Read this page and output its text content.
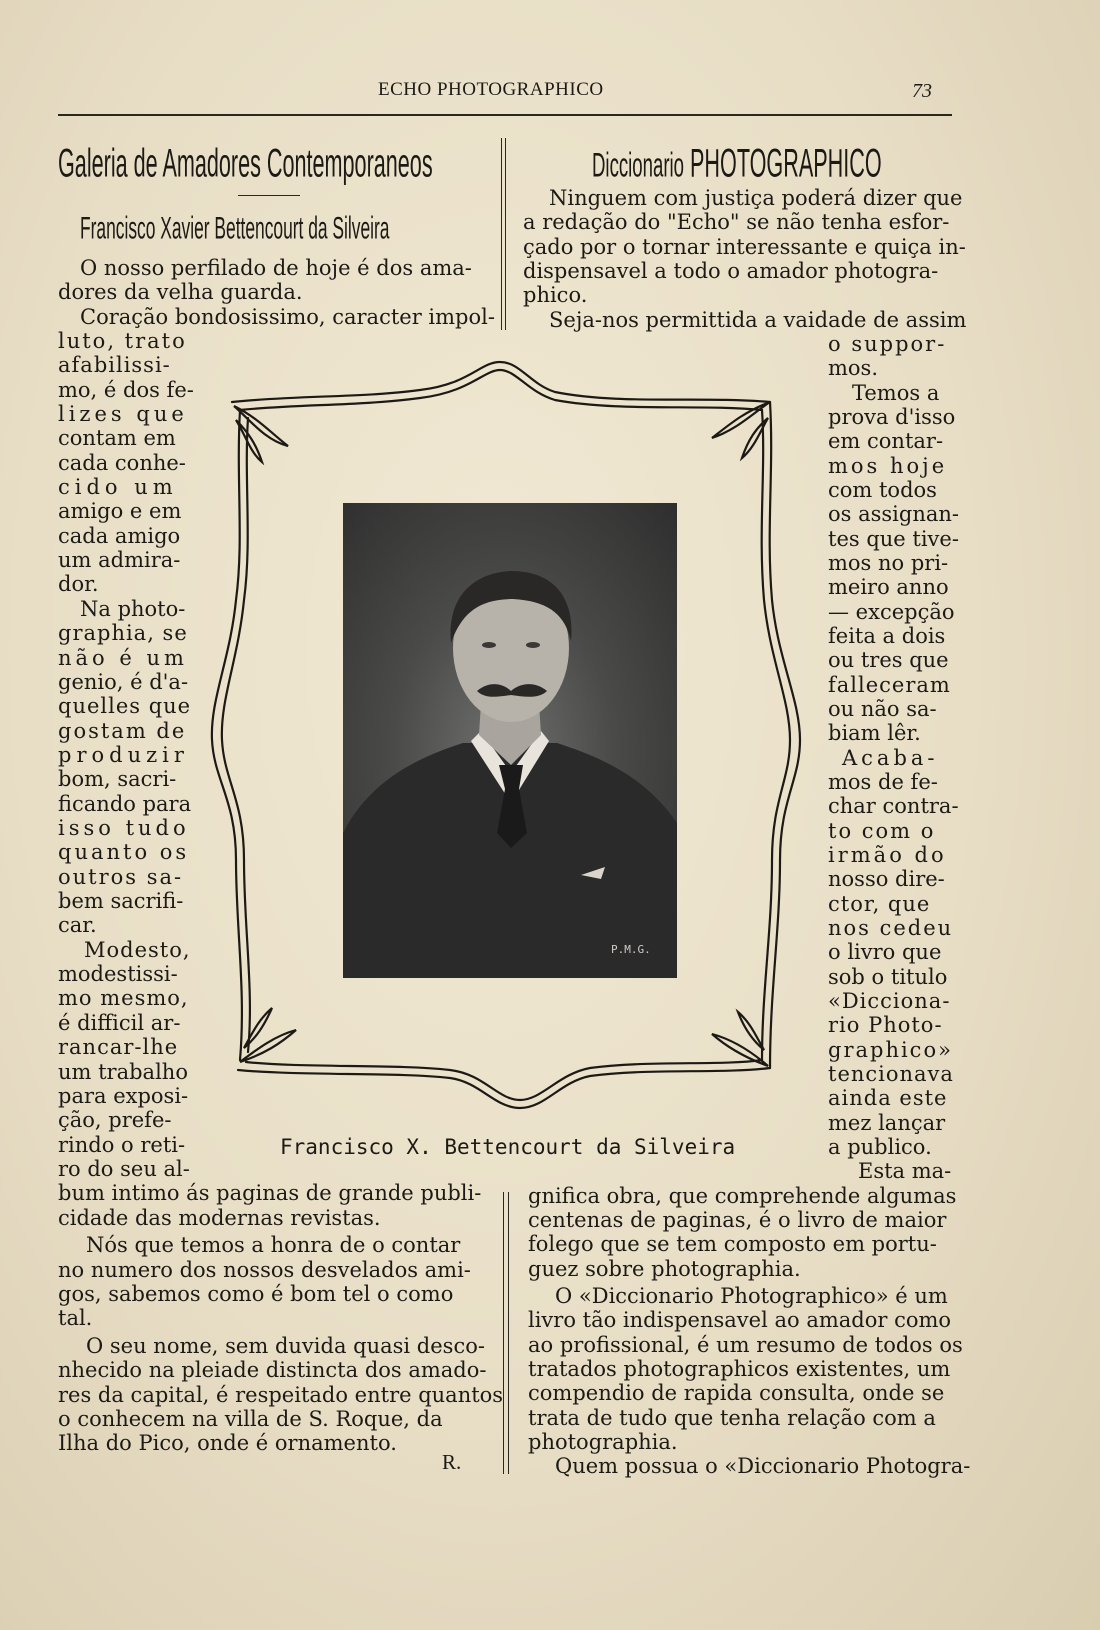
ECHO PHOTOGRAPHICO	73
Galeria de Amadores Contemporaneos
Francisco Xavier Bettencourt da Silveira
Diccionario PHOTOGRAPHICO
O nosso perfilado de hoje é dos ama-
dores da velha guarda.
Coração bondosissimo, caracter impol-
luto, trato
afabilissi-
mo, é dos fe-
lizes que
contam em
cada conhe-
cido um
amigo e em
cada amigo
um admira-
dor.
Na photo-
graphia, se
não é um
genio, é d'a-
quelles que
gostam de
produzir
bom, sacri-
ficando para
isso tudo
quanto os
outros sa-
bem sacrifi-
car.
Modesto,
modestissi-
mo mesmo,
é difficil ar-
rancar-lhe
um trabalho
para exposi-
ção, prefe-
rindo o reti-
ro do seu al-
bum intimo ás paginas de grande publi-
cidade das modernas revistas.
Nós que temos a honra de o contar
no numero dos nossos desvelados ami-
gos, sabemos como é bom tel o como
tal.
O seu nome, sem duvida quasi desco-
nhecido na pleiade distincta dos amado-
res da capital, é respeitado entre quantos
o conhecem na villa de S. Roque, da
Ilha do Pico, onde é ornamento.
R.
Ninguem com justiça poderá dizer que
a redação do "Echo" se não tenha esfor-
çado por o tornar interessante e quiça in-
dispensavel a todo o amador photogra-
phico.
Seja-nos permittida a vaidade de assim
o suppor-
mos.
Temos a
prova d'isso
em contar-
mos hoje
com todos
os assignan-
tes que tive-
mos no pri-
meiro anno
— excepção
feita a dois
ou tres que
falleceram
ou não sa-
biam lêr.
Acaba-
mos de fe-
char contra-
to com o
irmão do
nosso dire-
ctor, que
nos cedeu
o livro que
sob o titulo
«Dicciona-
rio Photo-
graphico»
tencionava
ainda este
mez lançar
a publico.
Esta ma-
gnifica obra, que comprehende algumas
centenas de paginas, é o livro de maior
folego que se tem composto em portu-
guez sobre photographia.
O «Diccionario Photographico» é um
livro tão indispensavel ao amador como
ao profissional, é um resumo de todos os
tratados photographicos existentes, um
compendio de rapida consulta, onde se
trata de tudo que tenha relação com a
photographia.
Quem possua o «Diccionario Photogra-
P.M.G.
Francisco X. Bettencourt da Silveira
